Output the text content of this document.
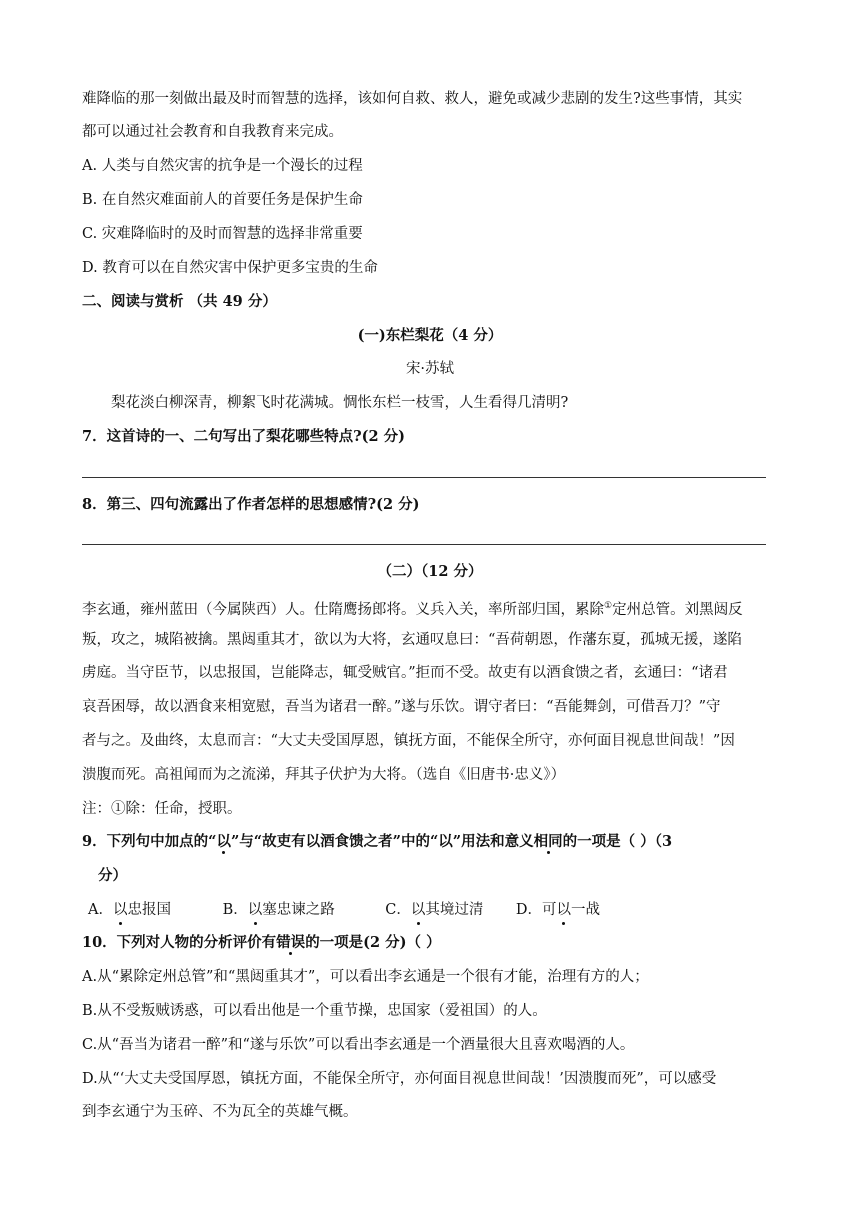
难降临的那一刻做出最及时而智慧的选择，该如何自救、救人，避免或减少悲剧的发生?这些事情，其实
都可以通过社会教育和自我教育来完成。
A. 人类与自然灾害的抗争是一个漫长的过程
B. 在自然灾难面前人的首要任务是保护生命
C. 灾难降临时的及时而智慧的选择非常重要
D. 教育可以在自然灾害中保护更多宝贵的生命
二、阅读与赏析 （共 49 分）
(一)东栏梨花（4 分）
宋·苏轼
梨花淡白柳深青，柳絮飞时花满城。惆怅东栏一枝雪，人生看得几清明?
7．这首诗的一、二句写出了梨花哪些特点?(2 分)
8．第三、四句流露出了作者怎样的思想感情?(2 分)
（二）（12 分）
李玄通，雍州蓝田（今属陕西）人。仕隋鹰扬郎将。义兵入关，率所部归国，累除①定州总管。刘黑闼反
叛，攻之，城陷被擒。黑闼重其才，欲以为大将，玄通叹息曰：“吾荷朝恩，作藩东夏，孤城无援，遂陷
虏庭。当守臣节，以忠报国，岂能降志，辄受贼官。”拒而不受。故吏有以酒食馈之者，玄通曰：“诸君
哀吾困辱，故以酒食来相宽慰，吾当为诸君一醉。”遂与乐饮。谓守者曰：“吾能舞剑，可借吾刀？”守
者与之。及曲终，太息而言：“大丈夫受国厚恩，镇抚方面，不能保全所守，亦何面目视息世间哉！”因
溃腹而死。高祖闻而为之流涕，拜其子伏护为大将。（选自《旧唐书·忠义》）
注：①除：任命，授职。
9．下列句中加点的“以”与“故吏有以酒食馈之者”中的“以”用法和意义相同的一项是（ ）（3
分）
A．以忠报国	B．以塞忠谏之路	C．以其境过清 D．可以一战
10．下列对人物的分析评价有错误的一项是(2 分)（ ）
A.从“累除定州总管”和“黑闼重其才”，可以看出李玄通是一个很有才能，治理有方的人；
B.从不受叛贼诱惑，可以看出他是一个重节操，忠国家（爱祖国）的人。
C.从“吾当为诸君一醉”和“遂与乐饮”可以看出李玄通是一个酒量很大且喜欢喝酒的人。
D.从“‘大丈夫受国厚恩，镇抚方面，不能保全所守，亦何面目视息世间哉！’因溃腹而死”，可以感受
到李玄通宁为玉碎、不为瓦全的英雄气概。
